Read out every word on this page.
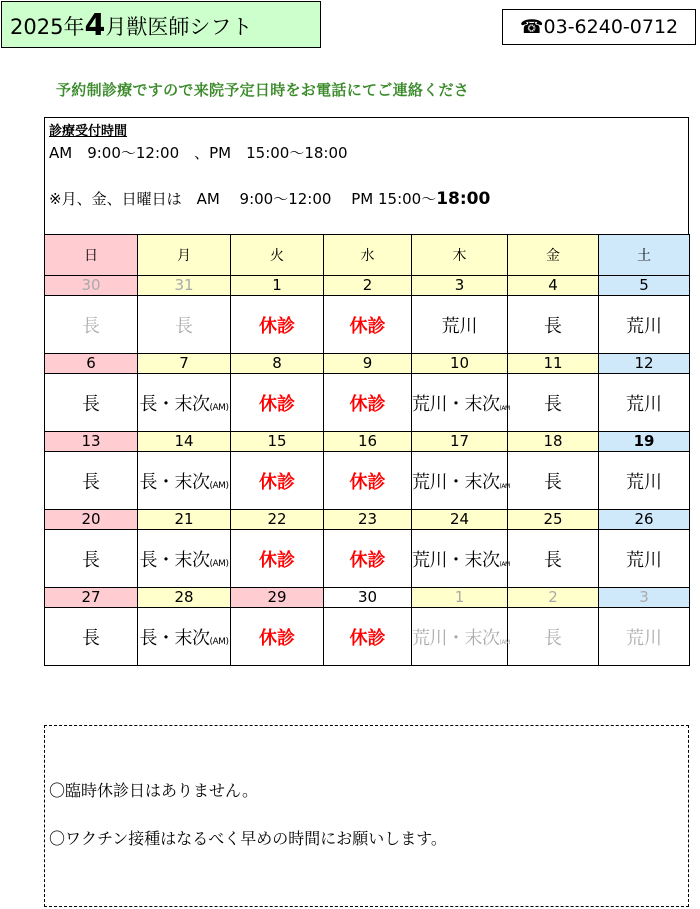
2025年 4 月獣医師シフト	☎03-6240-0712
予約制診療ですので来院予定日時をお電話にてご連絡くださ
診療受付時間
AM　9:00～12:00　、PM　15:00～18:00
※月、金、日曜日は　AM　 9:00～12:00　 PM 15:00～18:00
日	月	火	水	木	金	土
30	31	1	2	3	4	5
長	長	休診	休診	荒川	長	荒川
6	7	8	9	10	11	12
長	長・末次(AM)	休診	休診	荒川・末次(AM	長	荒川
13	14	15	16	17	18	19
長	長・末次(AM)	休診	休診	荒川・末次(AM	長	荒川
20	21	22	23	24	25	26
長	長・末次(AM)	休診	休診	荒川・末次(AM	長	荒川
27	28	29	30	1	2	3
長	長・末次(AM)	休診	休診	荒川・末次(AM	長	荒川
〇臨時休診日はありません。
〇ワクチン接種はなるべく早めの時間にお願いします。
